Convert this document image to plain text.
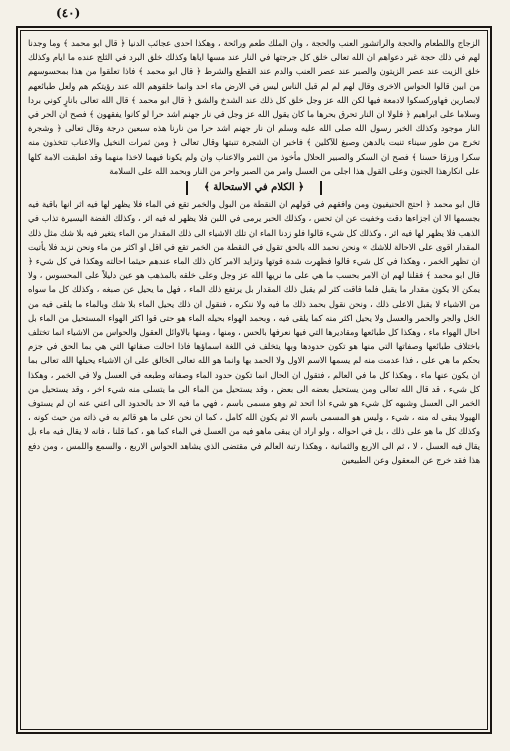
(٤٠)

الزجاج واللطعام والحجة والراتشور العنب والحجة ، وان الملك طعم ورائحة ، وهكذا احدى عجائب الدنيا ﴿ قال ابو محمد ﴾ وما وجدنا لهم في ذلك حجة غير دعواهم ان الله تعالى خلق كل جرجتها في النار عند مسها اياها وكذلك خلق البرد في الثلج عنده ما ايام وكذلك خلق الزيت عند عصر الزيتون والصبر عند عصر العنب والدم عند القطع والشرط ﴿ قال ابو محمد ﴾ فاذا تعلقوا من هذا بمحسوسهم من ابين قالوا الحواس الاخرى وقال لهم لم لم قبل الناس ليس في الارض ماء احد وانما خلقوهم الله عند رؤيتكم هم ولعل طبائعهم لابصارين فهاوركسكوا لادمعة فيها لكن الله عز وجل خلق كل ذلك عند الشدخ والشق ﴿ قال ابو محمد ﴾ قال الله تعالى بانارٍ كوني بردا وسلاما على ابراهيم ﴿ فلولا ان النار تحرق بحرها ما كان يقول الله عز وجل في نار جهنم اشد حرا لو كانوا يفقهون ﴾ فصح ان الحر في النار موجود وكذلك الخبر رسول الله صلى الله عليه وسلم ان نار جهنم اشد حرا من نارنا هذه سبعين درجة وقال تعالى ﴿ وشجرة تخرج من طور سيناء تنبت بالدهن وصبغ للآكلين ﴾ فاخبر ان الشجرة تنبتها وقال تعالى ﴿ ومن ثمرات النخيل والاعناب تتخذون منه سكرا ورزقا حسنا ﴾ فصح ان السكر والصبير الحلال مأخوذ من الثمر والاعناب وان ولم يكونا فيهما لاخذا منهما وقد اطبقت الامة كلها على انكارهذا الجنون وعلى القول هذا اجلى من العسل وامر من الصبر واحر من النار وبحمد الله على السلامة

﴿ الكلام في الاستحالة ﴾

قال ابو محمد ﴿ احتج الحنيفيون ومن وافقهم في قولهم ان النقطة من البول والخمر تقع في الماء فلا يظهر لها فيه اثر انها باقية فيه بجسمها الا ان اجزاءها دقت وخفيت عن ان تحس ، وكذلك الحبر يرمى في اللبن فلا يظهر له فيه اثر ، وكذلك الفضة اليسيرة تذاب في الذهب فلا يظهر لها فيه اثر ، وكذلك كل شيء قالوا فلو زدنا الماء ان تلك الاشياء الى ذلك المقدار من الماء يتغير فيه بلا شك مثل ذلك المقدار اقوى على الاحالة للاشك » ونحن نحمد الله بالحق تقول في النقطة من الخمر تقع في اقل او اكثر من ماء ونحن نزيد فلا يأتيت ان تظهر الخمر ، وهكذا في كل شيء قالوا فظهرت شدة قوتها وتزايد الامر كان ذلك الماء عندهم حيثما احالته وهكذا في كل شيء ﴿ قال ابو محمد ﴾ فقلنا لهم ان الامر بحسب ما هي على ما نريها الله عز وجل وعلى خلقه بالمذهب هو عين دليلاً على المحسوس ، ولا يمكن الا يكون مقدار ما يقبل فلما فاقت كثر لم يقبل ذلك المقدار بل يرتفع ذلك الماء ، فهل ما يحيل عن صبغه ، وكذلك كل ما سواه من الاشياء لا يقبل الاعلى ذلك ، ونحن نقول بحمد ذلك ما فيه ولا ننكره ، فنقول ان ذلك يحيل الماء بلا شك وبالماء ما يلقى فيه من الخل والجر والحمر والعسل ولا يحيل اكثر منه كما يلقى فيه ، وبحمد الهواء بحيله الماء هو حتى قوا اكثر الهواء المستحيل من الماء بل احال الهواء ماء ، وهكذا كل طبائعها ومقاديرها التي فيها نعرفها بالحس ، ومنها ، ومنها بالاوائل العقول والحواس من الاشياء انما تختلف باختلاف طبائعها وصفاتها التي منها هو تكون حدودها وبها يتخلف في اللغة اسماؤها فاذا احالت صفاتها التي هي بما الحق في جزم بحكم ما هي على ، فذا عدمت منه لم يسمها الاسم الاول ولا الحمد بها وانما هو الله تعالى الخالق على ان الاشياء يحيلها الله تعالى بما ان يكون عنها ماء ، وهكذا كل ما في العالم ، فتقول ان الحال انما تكون حدود الماء وصفاته وطبعه في العسل ولا في الخمر ، وهكذا كل شيء ، قد قال الله تعالى ومن يستحيل بعضه الى بعض ، وقد يستحيل من الماء الى ما يتسلى منه شيء اخر ، وقد يستحيل من الخمر الى العسل وشبهه كل شيء هو شيء اذا اتحد ثم وهو مسمى باسم ، فهي ما فيه الا حد بالحدود الى اعني عنه ان لم يستوف الهيولا يبقى له منه ، شيء ، وليس هو المسمى باسم الا ثم يكون الله كامل ، كما ان نحن على ما هو قائم به في ذاته من حيث كونه ، وكذلك كل ما هو على ذلك ، بل في احواله ، ولو اراد ان يبقى ماهو فيه من العسل في الماء كما هو ، كما قلنا ، فانه لا يقال فيه ماء بل يقال فيه العسل ، لا ، ثم الى الاربع والثمانية ، وهكذا رتبة العالم في مقتضى الذي يشاهد الحواس الاربع ، والسمع واللمس ، ومن دفع هذا فقد خرج عن المعقول وعن الطبيعين
